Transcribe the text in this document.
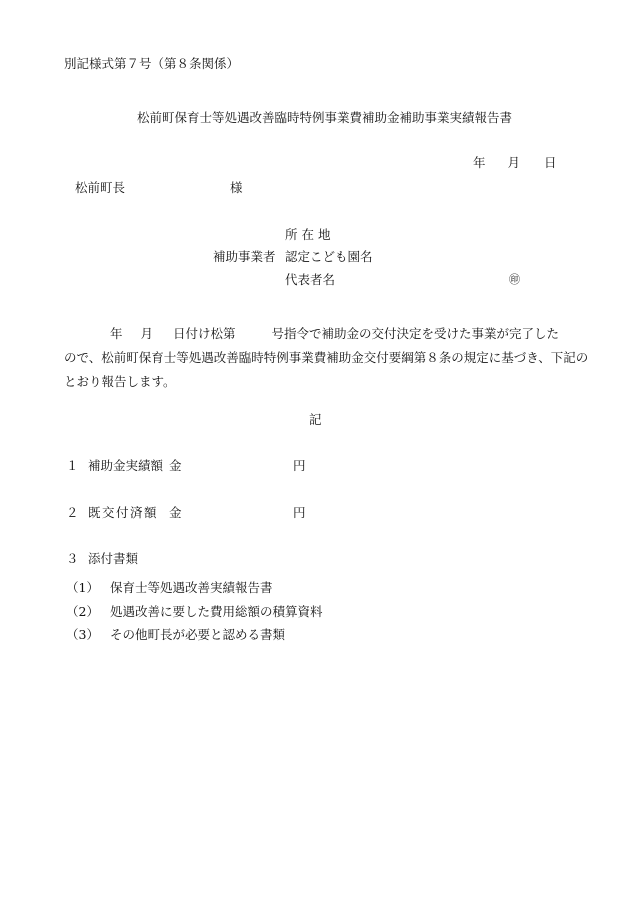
別記様式第７号（第８条関係）
松前町保育士等処遇改善臨時特例事業費補助金補助事業実績報告書
年 月 日
松前町長	様
所在地
補助事業者 認定こども園名
代表者名	㊞
年 月 日付け松第	号指令で補助金の交付決定を受けた事業が完了した
ので、松前町保育士等処遇改善臨時特例事業費補助金交付要綱第８条の規定に基づき、下記の
とおり報告します。
記
１ 補助金実績額 金	円
２ 既交付済額 金	円
３ 添付書類
（1） 保育士等処遇改善実績報告書
（2） 処遇改善に要した費用総額の積算資料
（3） その他町長が必要と認める書類
